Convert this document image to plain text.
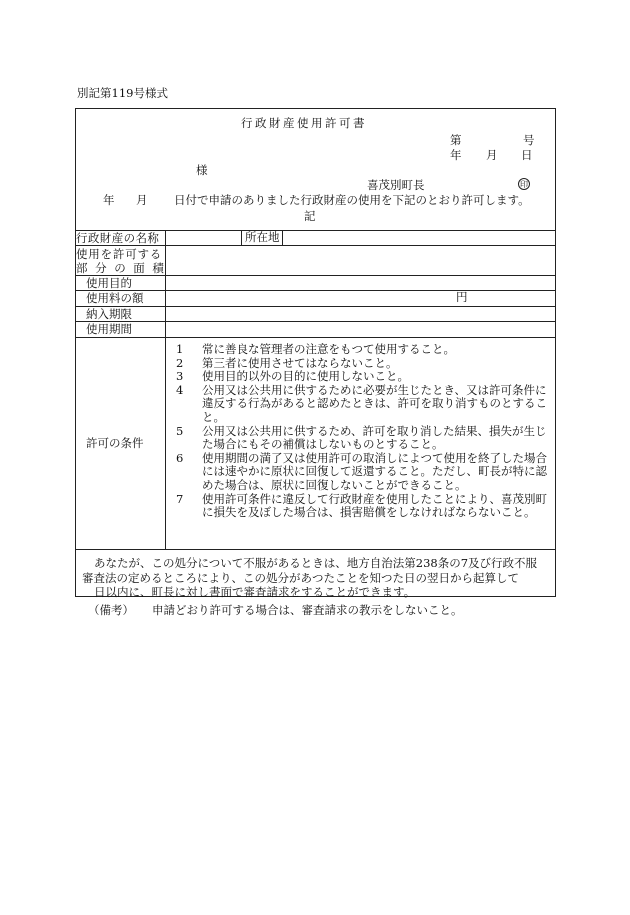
別記第119号様式
行政財産使用許可書
第	号
年 月 日
様
喜茂別町長	印
年 月 日付で申請のありました行政財産の使用を下記のとおり許可します。
記
行政財産の名称	所在地
使用を許可する
部分の面積
使用目的
使用料の額	円
納入期限
使用期間
許可の条件
1	常に善良な管理者の注意をもつて使用すること。
2	第三者に使用させてはならないこと。
3	使用目的以外の目的に使用しないこと。
4	公用又は公共用に供するために必要が生じたとき、又は許可条件に違反する行為があると認めたときは、許可を取り消すものとすること。
5	公用又は公共用に供するため、許可を取り消した結果、損失が生じた場合にもその補償はしないものとすること。
6	使用期間の満了又は使用許可の取消しによつて使用を終了した場合には速やかに原状に回復して返還すること。ただし、町長が特に認めた場合は、原状に回復しないことができること。
7	使用許可条件に違反して行政財産を使用したことにより、喜茂別町に損失を及ぼした場合は、損害賠償をしなければならないこと。
あなたが、この処分について不服があるときは、地方自治法第238条の7及び行政不服
審査法の定めるところにより、この処分があつたことを知つた日の翌日から起算して
日以内に、町長に対し書面で審査請求をすることができます。
（備考） 申請どおり許可する場合は、審査請求の教示をしないこと。
